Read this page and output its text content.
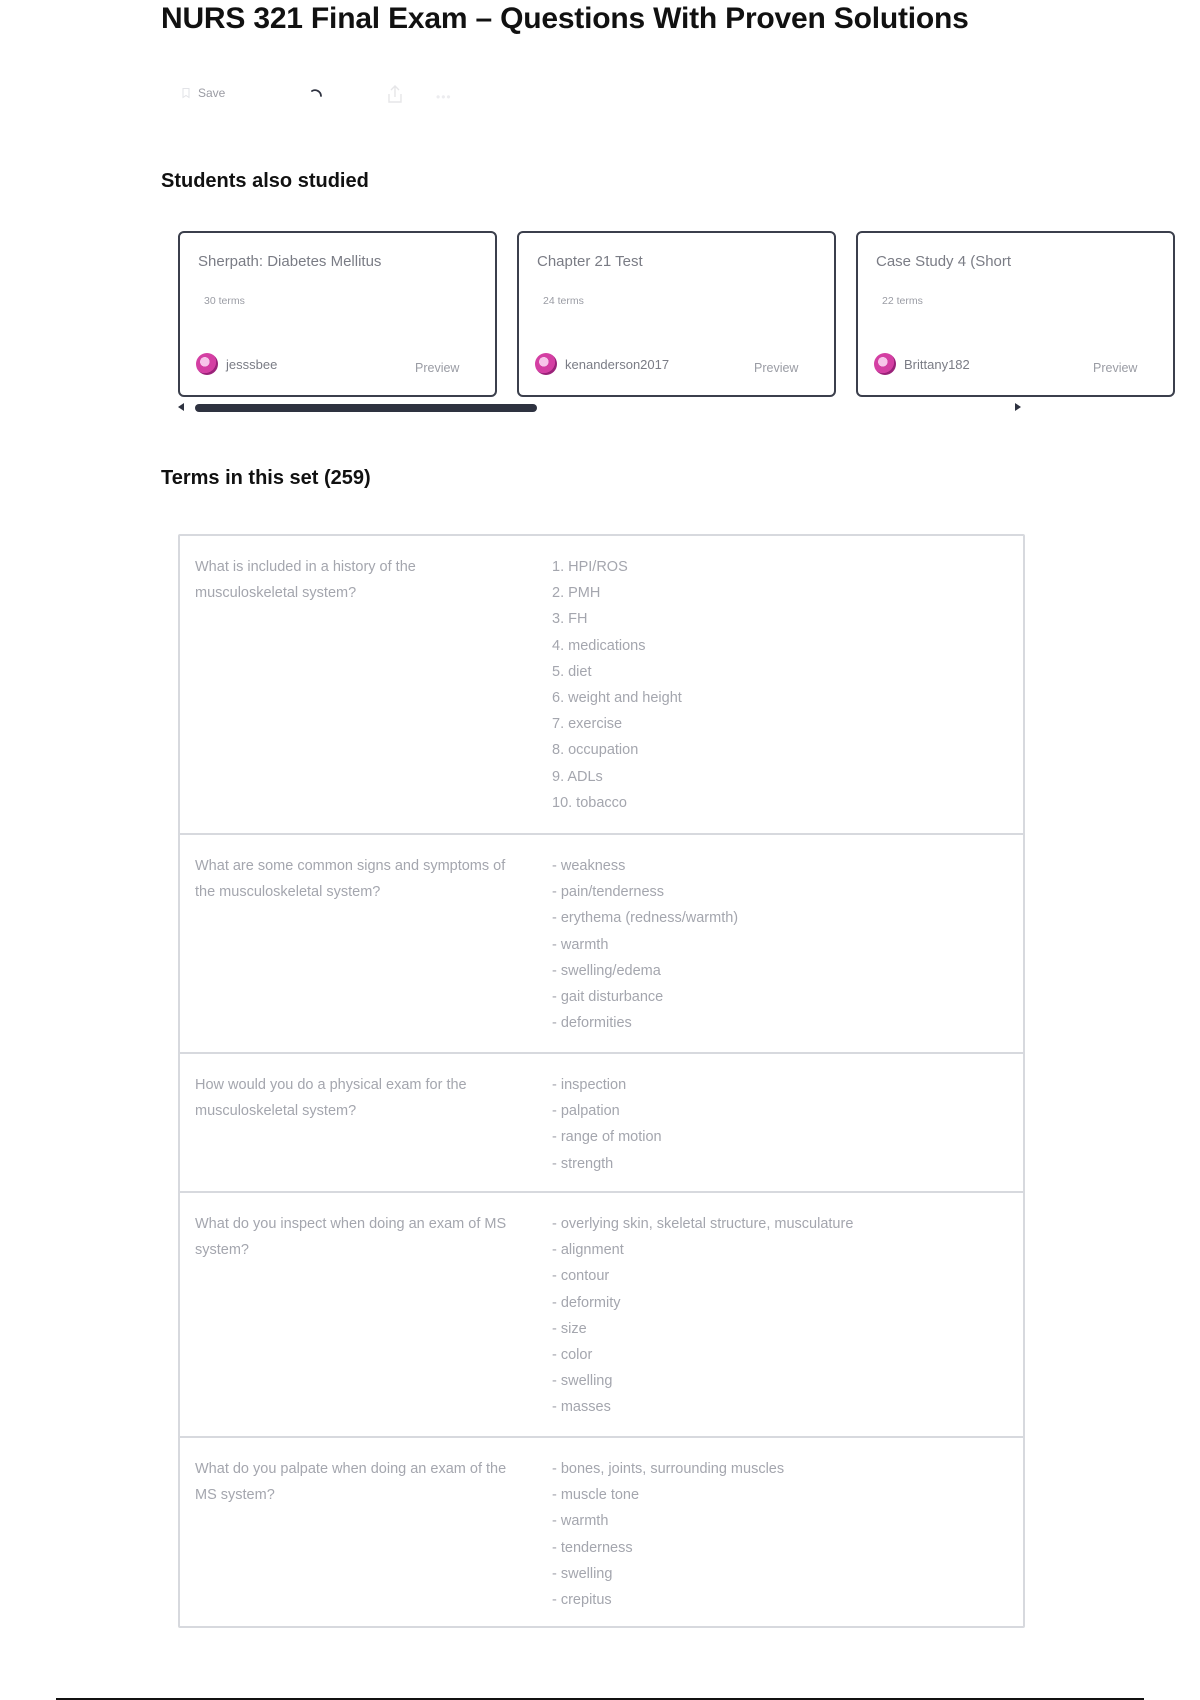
NURS 321 Final Exam – Questions With Proven Solutions
Save	•••
Students also studied
Sherpath: Diabetes Mellitus
30 terms
jesssbee	Preview
Chapter 21 Test
24 terms
kenanderson2017	Preview
Case Study 4 (Short
22 terms
Brittany182	Preview
Terms in this set (259)
What is included in a history of the musculoskeletal system?
1. HPI/ROS
2. PMH
3. FH
4. medications
5. diet
6. weight and height
7. exercise
8. occupation
9. ADLs
10. tobacco
What are some common signs and symptoms of the musculoskeletal system?
- weakness
- pain/tenderness
- erythema (redness/warmth)
- warmth
- swelling/edema
- gait disturbance
- deformities
How would you do a physical exam for the musculoskeletal system?
- inspection
- palpation
- range of motion
- strength
What do you inspect when doing an exam of MS system?
- overlying skin, skeletal structure, musculature
- alignment
- contour
- deformity
- size
- color
- swelling
- masses
What do you palpate when doing an exam of the MS system?
- bones, joints, surrounding muscles
- muscle tone
- warmth
- tenderness
- swelling
- crepitus
